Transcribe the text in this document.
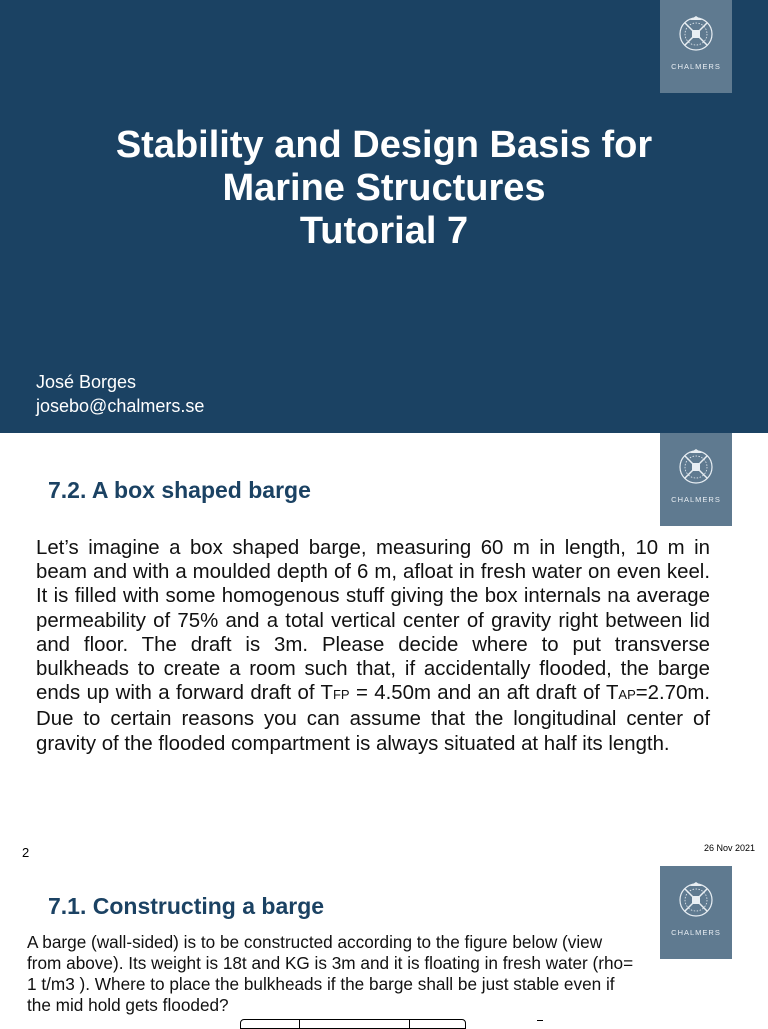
CHALMERS
Stability and Design Basis for
Marine Structures
Tutorial 7
José Borges
josebo@chalmers.se
CHALMERS
7.2. A box shaped barge
Let’s imagine a box shaped barge, measuring 60 m in length, 10 m in beam and with a moulded depth of 6 m, afloat in fresh water on even keel. It is filled with some homogenous stuff giving the box internals na average permeability of 75% and a total vertical center of gravity right between lid and floor. The draft is 3m. Please decide where to put transverse bulkheads to create a room such that, if accidentally flooded, the barge ends up with a forward draft of TFP = 4.50m and an aft draft of TAP=2.70m. Due to certain reasons you can assume that the longitudinal center of gravity of the flooded compartment is always situated at half its length.
2	26 Nov 2021
CHALMERS
7.1. Constructing a barge
A barge (wall-sided) is to be constructed according to the figure below (view from above). Its weight is 18t and KG is 3m and it is floating in fresh water (rho= 1 t/m3 ). Where to place the bulkheads if the barge shall be just stable even if the mid hold gets flooded?
